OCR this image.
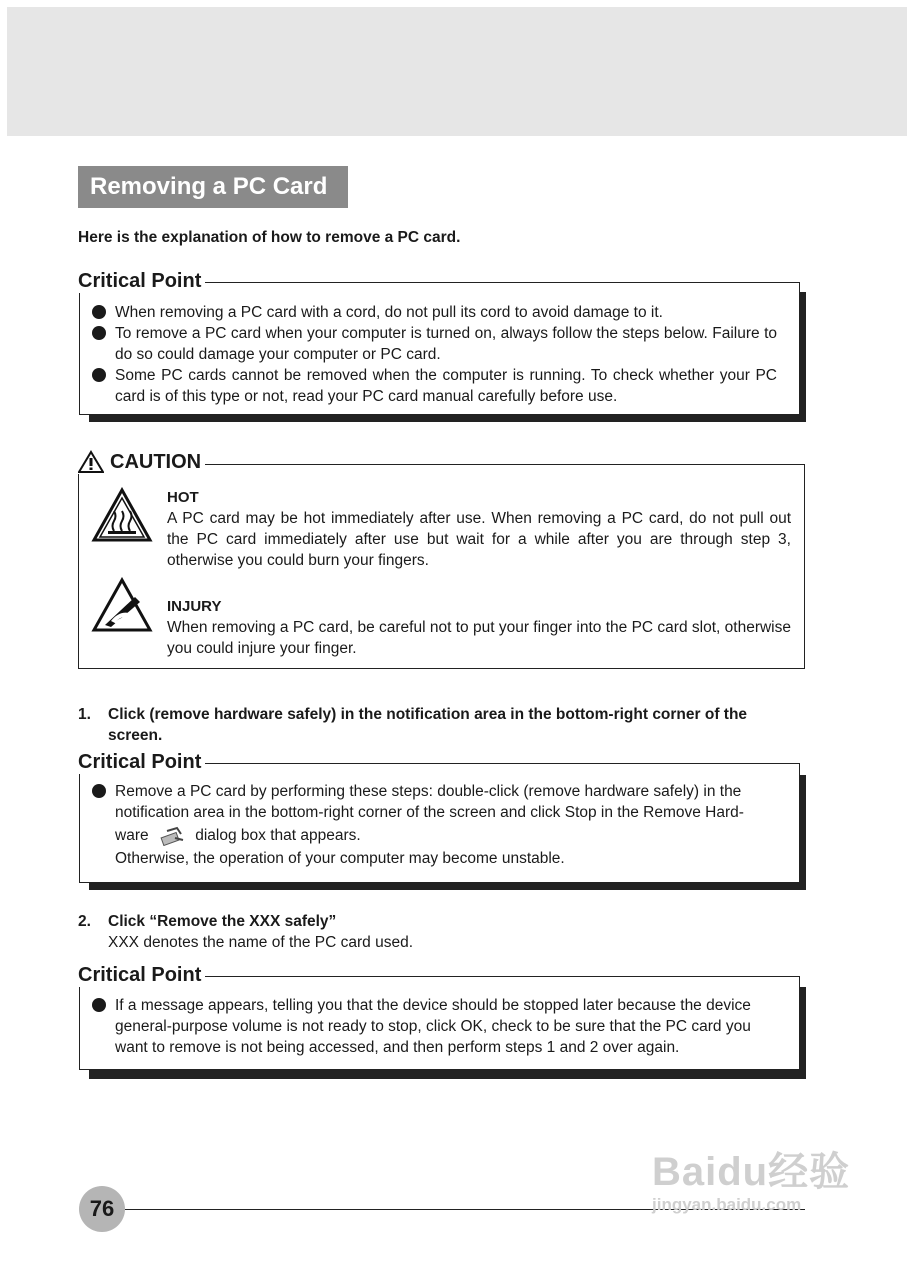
Removing a PC Card
Here is the explanation of how to remove a PC card.
When removing a PC card with a cord, do not pull its cord to avoid damage to it.
To remove a PC card when your computer is turned on, always follow the steps below. Failure to do so could damage your computer or PC card.
Some PC cards cannot be removed when the computer is running. To check whether your PC card is of this type or not, read your PC card manual carefully before use.
Critical Point
HOT
A PC card may be hot immediately after use. When removing a PC card, do not pull out the PC card immediately after use but wait for a while after you are through step 3, otherwise you could burn your fingers.
INJURY
When removing a PC card, be careful not to put your finger into the PC card slot, otherwise you could injure your finger.
CAUTION
1. Click (remove hardware safely) in the notification area in the bottom-right corner of the screen.
Remove a PC card by performing these steps: double-click (remove hardware safely) in the notification area in the bottom-right corner of the screen and click Stop in the Remove Hard-
ware	dialog box that appears.
Otherwise, the operation of your computer may become unstable.
Critical Point
2. Click “Remove the XXX safely”
XXX denotes the name of the PC card used.
If a message appears, telling you that the device should be stopped later because the device general-purpose volume is not ready to stop, click OK, check to be sure that the PC card you want to remove is not being accessed, and then perform steps 1 and 2 over again.
Critical Point
76
Baidu经验
jingyan.baidu.com
